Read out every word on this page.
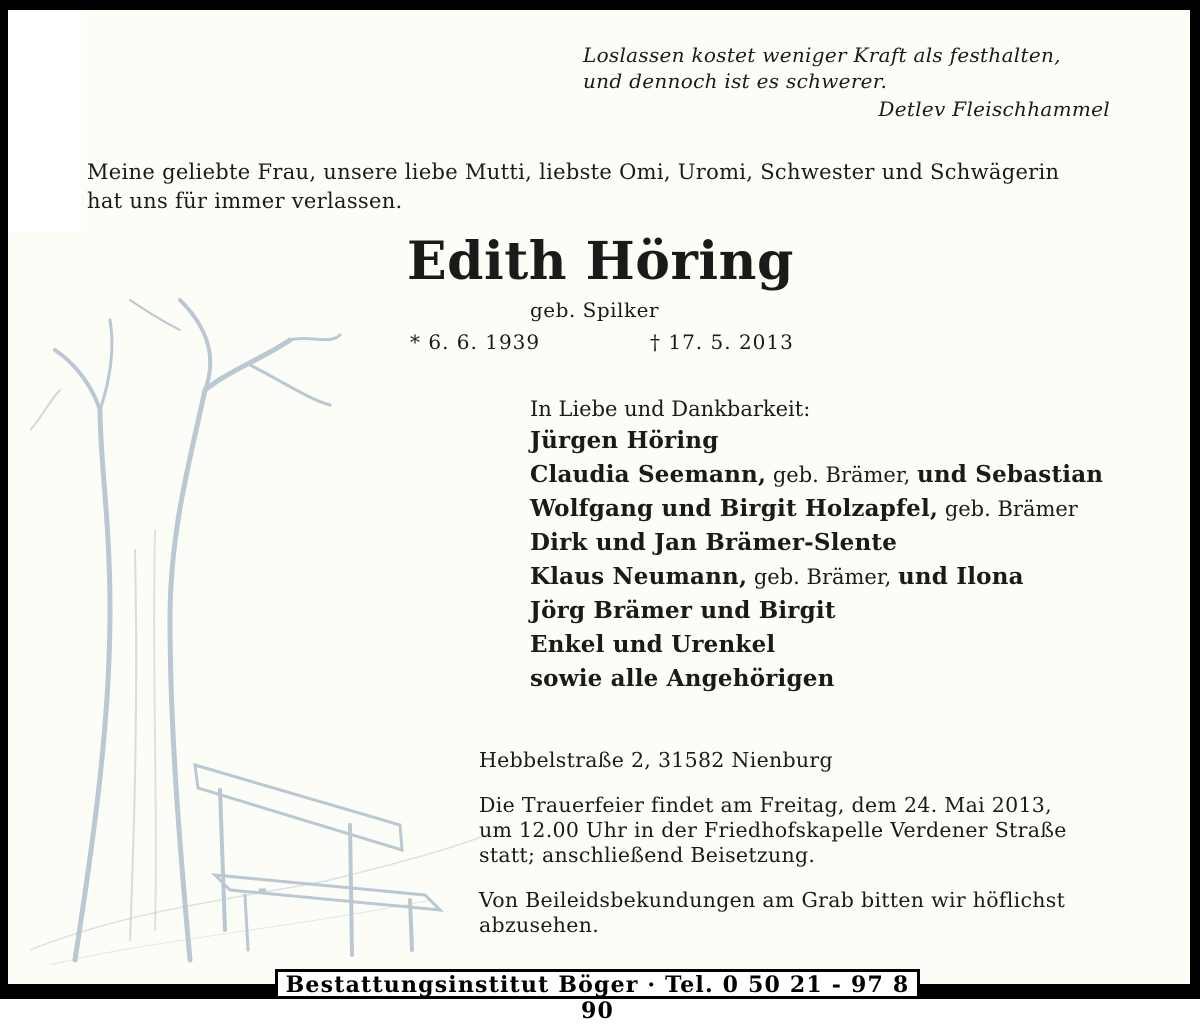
Loslassen kostet weniger Kraft als festhalten,
und dennoch ist es schwerer.
Detlev Fleischhammel
Meine geliebte Frau, unsere liebe Mutti, liebste Omi, Uromi, Schwester und Schwägerin
hat uns für immer verlassen.
Edith Höring
geb. Spilker
* 6. 6. 1939	† 17. 5. 2013
In Liebe und Dankbarkeit:
Jürgen Höring
Claudia Seemann, geb. Brämer, und Sebastian
Wolfgang und Birgit Holzapfel, geb. Brämer
Dirk und Jan Brämer-Slente
Klaus Neumann, geb. Brämer, und Ilona
Jörg Brämer und Birgit
Enkel und Urenkel
sowie alle Angehörigen
Hebbelstraße 2, 31582 Nienburg
Die Trauerfeier findet am Freitag, dem 24. Mai 2013,
um 12.00 Uhr in der Friedhofskapelle Verdener Straße
statt; anschließend Beisetzung.
Von Beileidsbekundungen am Grab bitten wir höflichst
abzusehen.
Bestattungsinstitut Böger · Tel. 0 50 21 - 97 8 90
